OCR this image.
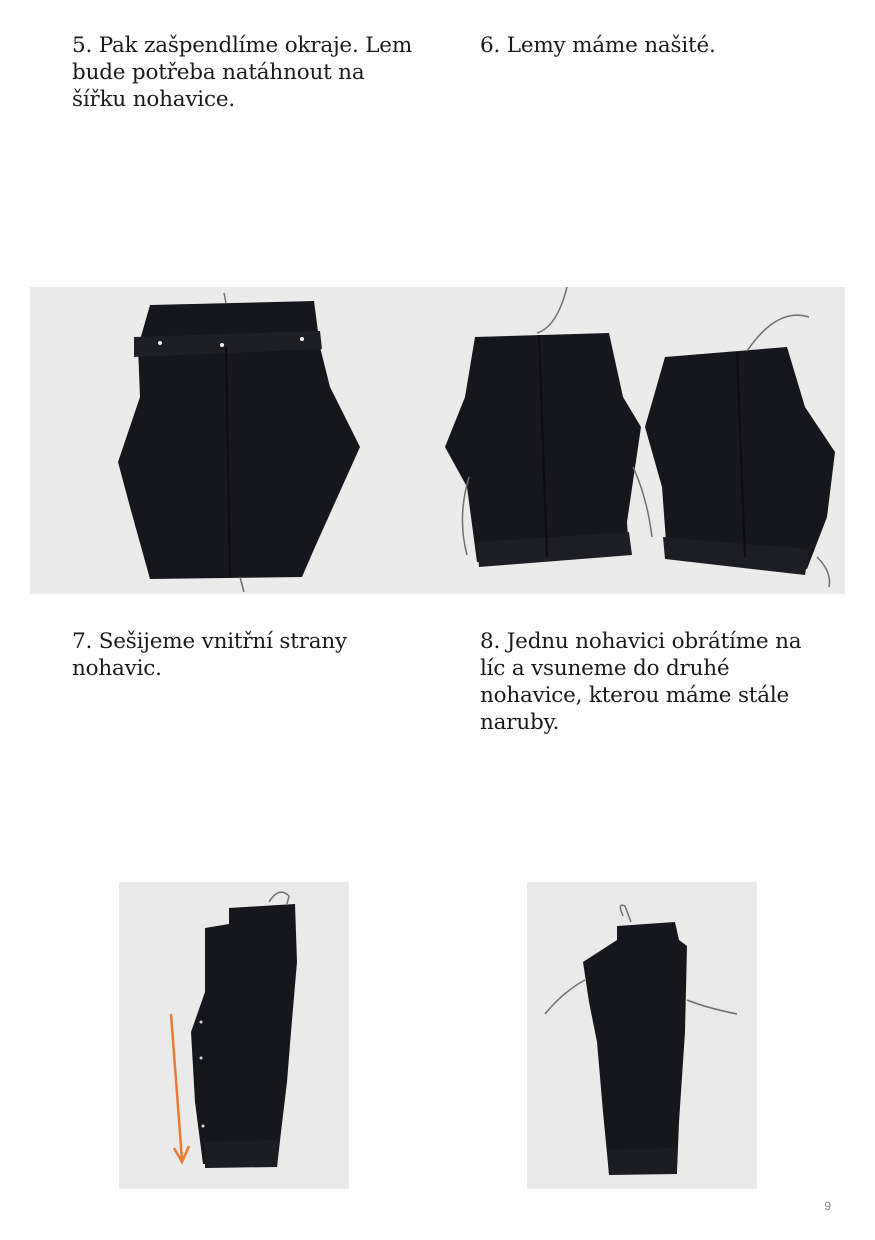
5. Pak zašpendlíme okraje. Lem
bude potřeba natáhnout na
šířku nohavice.

6. Lemy máme našité.

7. Sešijeme vnitřní strany
nohavic.

8. Jednu nohavici obrátíme na
líc a vsuneme do druhé
nohavice, kterou máme stále
naruby.

9
